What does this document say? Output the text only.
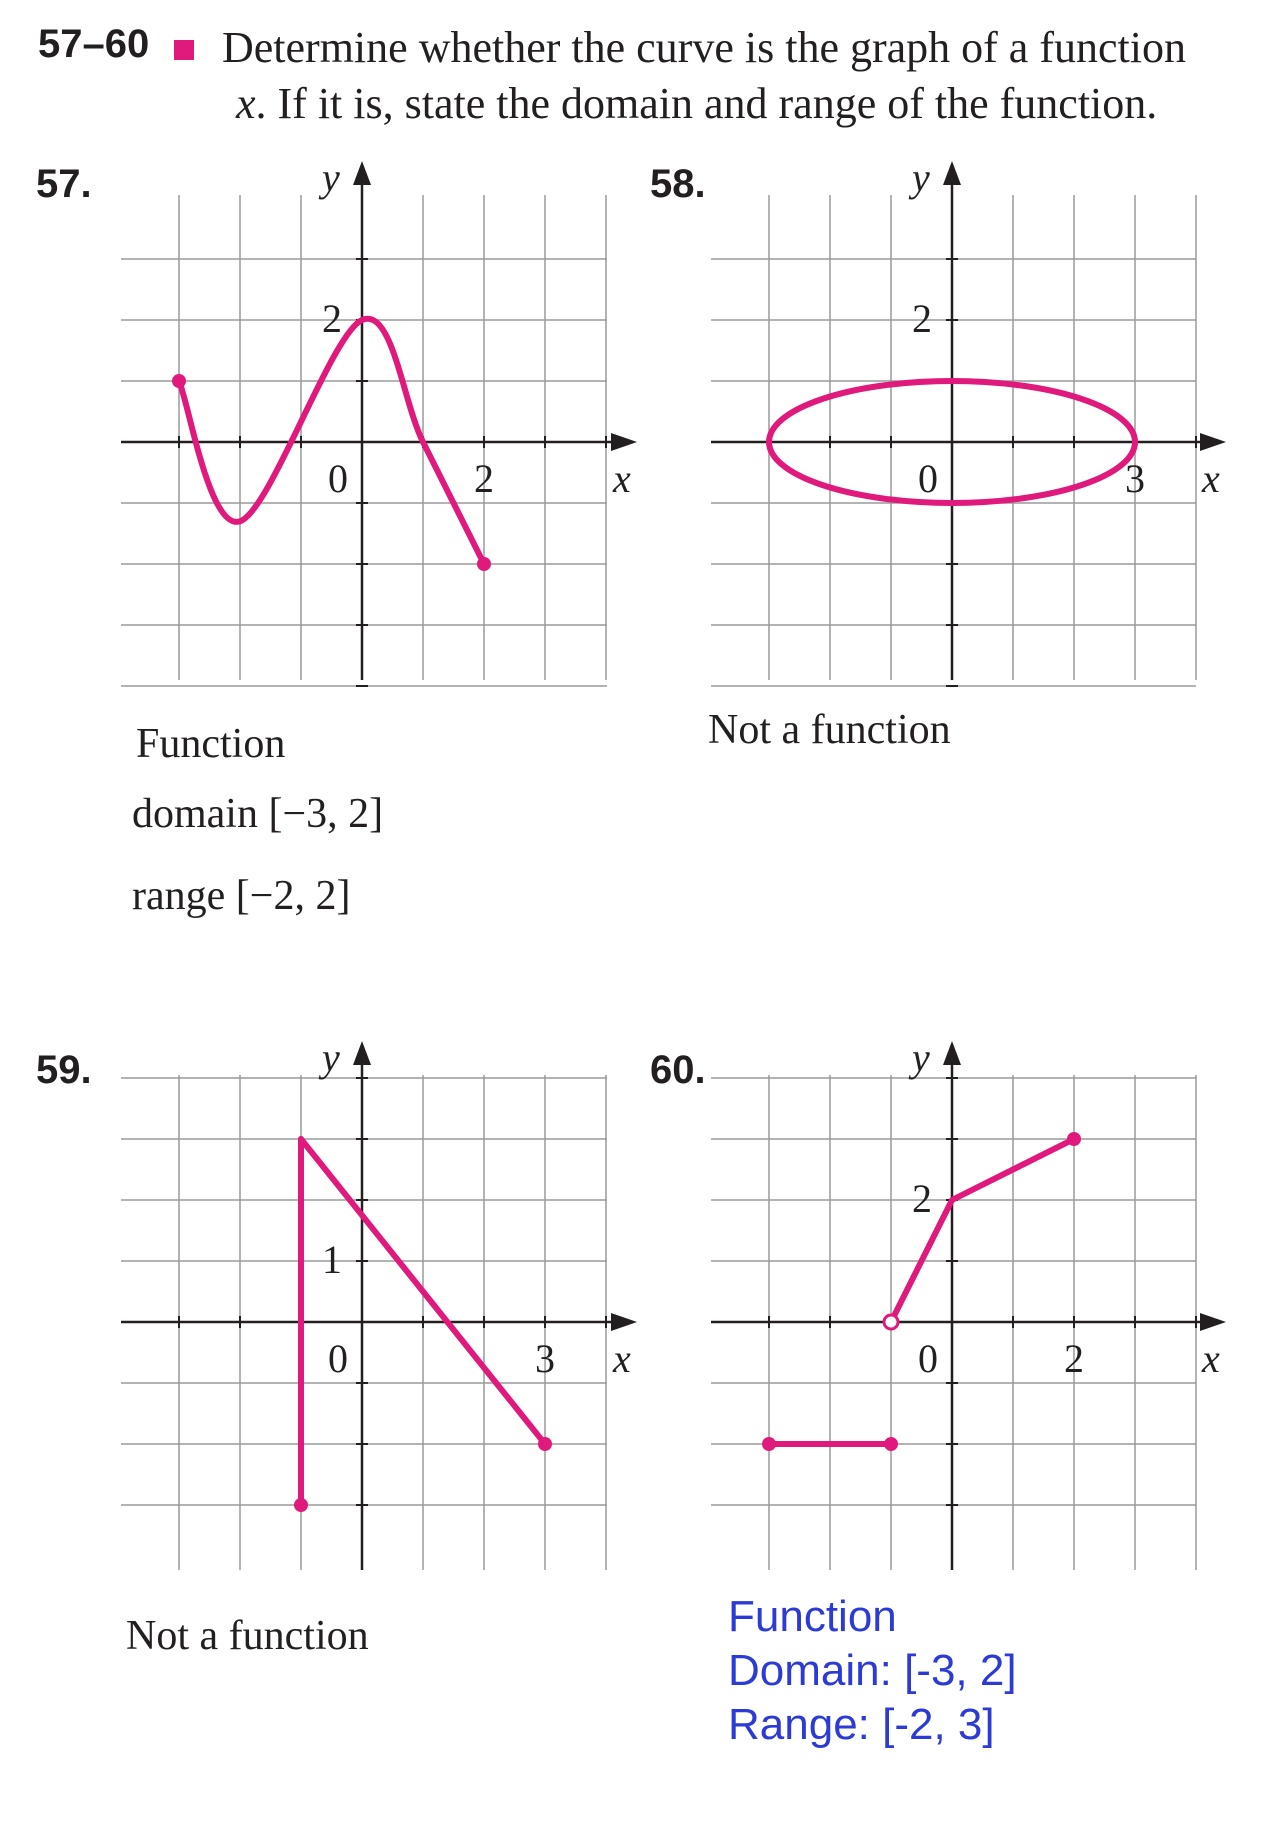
57–60 Determine whether the curve is the graph of a function
x. If it is, state the domain and range of the function.
57.	58.
59.	60.
Function
domain [−3, 2]
range [−2, 2]
Not a function
Not a function	Function
Domain: [-3, 2]
Range: [-2, 3]
0	2
2
x
y
0	3
2
x
y
0	3
1
x
y
0	2
2
x
y
